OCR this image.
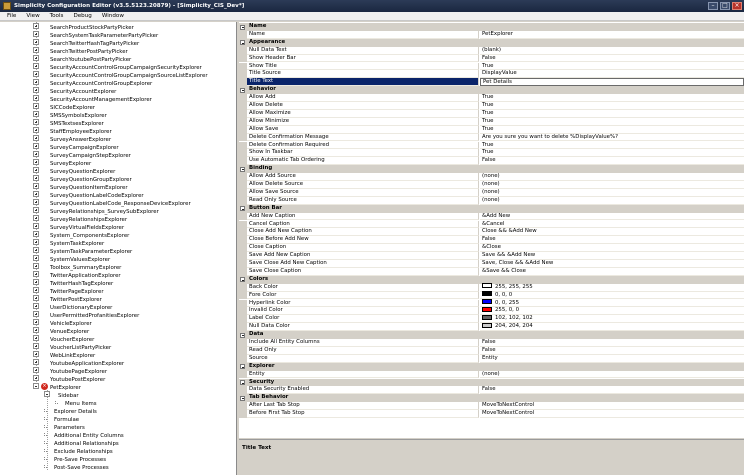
Simplicity Configuration Editor (v3.5.5123.20879) - [Simplicity_CIS_Dev*]	–	□	×
File	View	Tools	Debug	Window
SearchProductStockPartyPicker
SearchSystemTaskParameterPartyPicker
SearchTwitterHashTagPartyPicker
SearchTwitterPostPartyPicker
SearchYoutubePostPartyPicker
SecurityAccountControlGroupCampaignSecurityExplorer
SecurityAccountControlGroupCampaignSourceListExplorer
SecurityAccountControlGroupExplorer
SecurityAccountExplorer
SecurityAccountManagementExplorer
SICCodeExplorer
SMSSymbolsExplorer
SMSTextsesExplorer
StaffEmployeeExplorer
SurveyAnswerExplorer
SurveyCampaignExplorer
SurveyCampaignStepExplorer
SurveyExplorer
SurveyQuestionExplorer
SurveyQuestionGroupExplorer
SurveyQuestionItemExplorer
SurveyQuestionLabelCodeExplorer
SurveyQuestionLabelCode_ResponseDeviceExplorer
SurveyRelationships_SurveySubExplorer
SurveyRelationshipsExplorer
SurveyVirtualFieldsExplorer
System_ComponentsExplorer
SystemTaskExplorer
SystemTaskParameterExplorer
SystemValuesExplorer
Toolbox_SummaryExplorer
TwitterApplicationExplorer
TwitterHashTagExplorer
TwitterPageExplorer
TwitterPostExplorer
UserDictionaryExplorer
UserPermittedProfanitiesExplorer
VehicleExplorer
VenueExplorer
VoucherExplorer
VoucherListPartyPicker
WebLinkExplorer
YoutubeApplicationExplorer
YoutubePageExplorer
YoutubePostExplorer
× PetExplorer
Sidebar
Menu Items
Explorer Details
Formulae
Parameters
Additional Entity Columns
Additional Relationships
Exclude Relationships
Pre-Save Processes
Post-Save Processes
Name
Name	PetExplorer
Appearance
Null Data Text	(blank)
Show Header Bar	False
Show Title	True
Title Source	DisplayValue
Title Text	Pet Details
Behavior
Allow Add	True
Allow Delete	True
Allow Maximize	True
Allow Minimize	True
Allow Save	True
Delete Confirmation Message	Are you sure you want to delete %DisplayValue%?
Delete Confirmation Required	True
Show In Taskbar	True
Use Automatic Tab Ordering	False
Binding
Allow Add Source	(none)
Allow Delete Source	(none)
Allow Save Source	(none)
Read Only Source	(none)
Button Bar
Add New Caption	&Add New
Cancel Caption	&Cancel
Close Add New Caption	Close && &Add New
Close Before Add New	False
Close Caption	&Close
Save Add New Caption	Save && &Add New
Save Close Add New Caption	Save, Close && &Add New
Save Close Caption	&Save && Close
Colors
Back Color	255, 255, 255
Fore Color	0, 0, 0
Hyperlink Color	0, 0, 255
Invalid Color	255, 0, 0
Label Color	102, 102, 102
Null Data Color	204, 204, 204
Data
Include All Entity Columns	False
Read Only	False
Source	Entity
Explorer
Entity	(none)
Security
Data Security Enabled	False
Tab Behavior
After Last Tab Stop	MoveToNextControl
Before First Tab Stop	MoveToNextControl
Title Text
